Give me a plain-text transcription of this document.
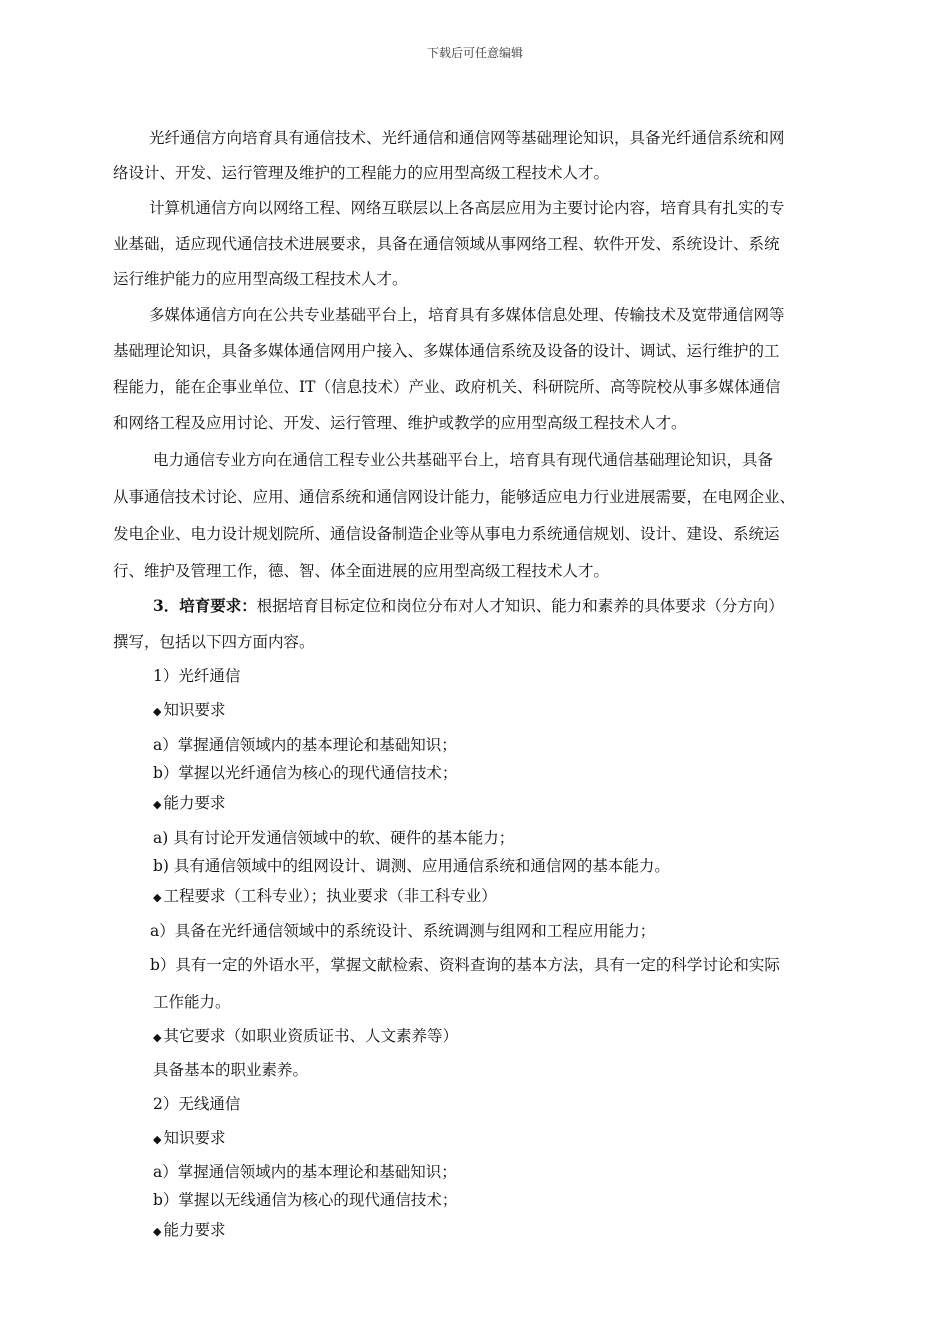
下载后可任意编辑
光纤通信方向培育具有通信技术、光纤通信和通信网等基础理论知识，具备光纤通信系统和网
络设计、开发、运行管理及维护的工程能力的应用型高级工程技术人才。
计算机通信方向以网络工程、网络互联层以上各高层应用为主要讨论内容，培育具有扎实的专
业基础，适应现代通信技术进展要求，具备在通信领域从事网络工程、软件开发、系统设计、系统
运行维护能力的应用型高级工程技术人才。
多媒体通信方向在公共专业基础平台上，培育具有多媒体信息处理、传输技术及宽带通信网等
基础理论知识，具备多媒体通信网用户接入、多媒体通信系统及设备的设计、调试、运行维护的工
程能力，能在企事业单位、IT（信息技术）产业、政府机关、科研院所、高等院校从事多媒体通信
和网络工程及应用讨论、开发、运行管理、维护或教学的应用型高级工程技术人才。
电力通信专业方向在通信工程专业公共基础平台上，培育具有现代通信基础理论知识，具备
从事通信技术讨论、应用、通信系统和通信网设计能力，能够适应电力行业进展需要，在电网企业、
发电企业、电力设计规划院所、通信设备制造企业等从事电力系统通信规划、设计、建设、系统运
行、维护及管理工作，德、智、体全面进展的应用型高级工程技术人才。
3．培育要求：根据培育目标定位和岗位分布对人才知识、能力和素养的具体要求（分方向）
撰写，包括以下四方面内容。
1）光纤通信
◆ 知识要求
a）掌握通信领域内的基本理论和基础知识；
b）掌握以光纤通信为核心的现代通信技术；
◆ 能力要求
a) 具有讨论开发通信领域中的软、硬件的基本能力；
b) 具有通信领域中的组网设计、调测、应用通信系统和通信网的基本能力。
◆ 工程要求（工科专业）；执业要求（非工科专业）
a）具备在光纤通信领域中的系统设计、系统调测与组网和工程应用能力；
b）具有一定的外语水平，掌握文献检索、资料查询的基本方法，具有一定的科学讨论和实际
工作能力。
◆ 其它要求（如职业资质证书、人文素养等）
具备基本的职业素养。
2）无线通信
◆ 知识要求
a）掌握通信领域内的基本理论和基础知识；
b）掌握以无线通信为核心的现代通信技术；
◆ 能力要求
